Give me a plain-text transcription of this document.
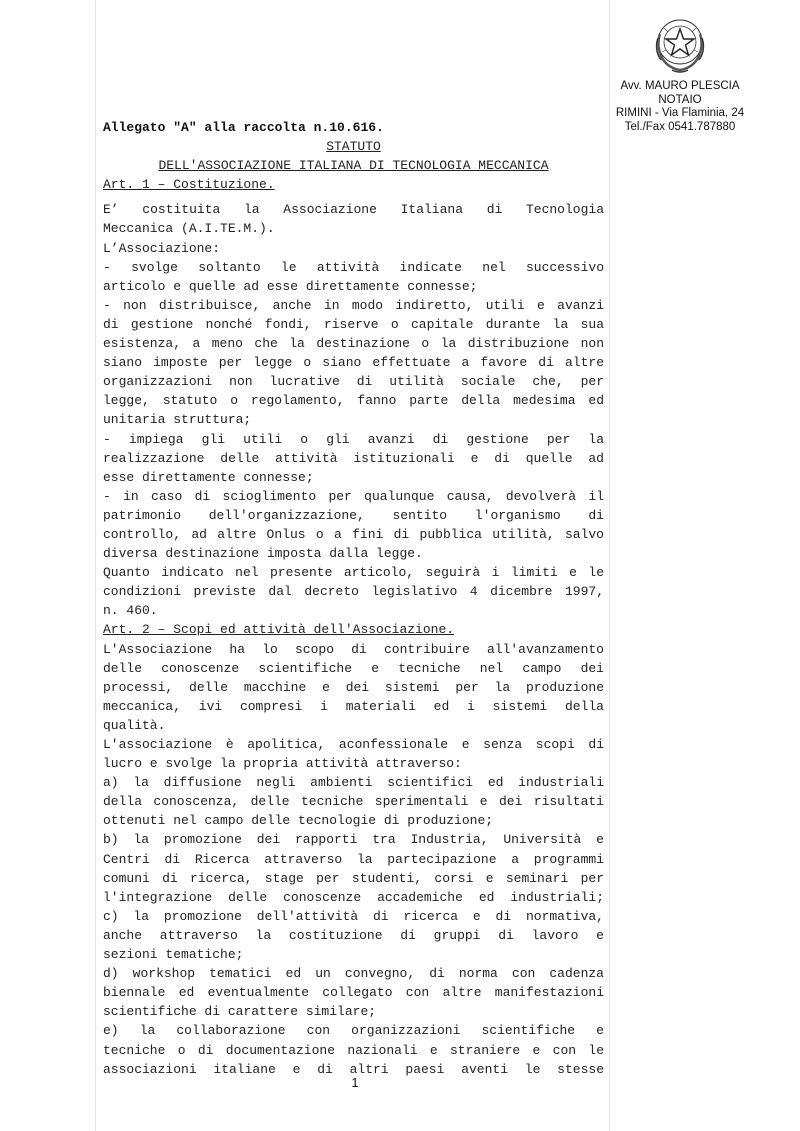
Avv. MAURO PLESCIA
NOTAIO
RIMINI - Via Flaminia, 24
Tel./Fax 0541.787880
Allegato "A" alla raccolta n.10.616.
STATUTO
DELL'ASSOCIAZIONE ITALIANA DI TECNOLOGIA MECCANICA
Art. 1 – Costituzione.
E’ costituita la Associazione Italiana di Tecnologia
Meccanica (A.I.TE.M.).
L’Associazione:
- svolge soltanto le attività indicate nel successivo
articolo e quelle ad esse direttamente connesse;
- non distribuisce, anche in modo indiretto, utili e avanzi
di gestione nonché fondi, riserve o capitale durante la sua
esistenza, a meno che la destinazione o la distribuzione non
siano imposte per legge o siano effettuate a favore di altre
organizzazioni non lucrative di utilità sociale che, per
legge, statuto o regolamento, fanno parte della medesima ed
unitaria struttura;
- impiega gli utili o gli avanzi di gestione per la
realizzazione delle attività istituzionali e di quelle ad
esse direttamente connesse;
- in caso di scioglimento per qualunque causa, devolverà il
patrimonio dell'organizzazione, sentito l'organismo di
controllo, ad altre Onlus o a fini di pubblica utilità, salvo
diversa destinazione imposta dalla legge.
Quanto indicato nel presente articolo, seguirà i limiti e le
condizioni previste dal decreto legislativo 4 dicembre 1997,
n. 460.
Art. 2 – Scopi ed attività dell'Associazione.
L'Associazione ha lo scopo di contribuire all'avanzamento
delle conoscenze scientifiche e tecniche nel campo dei
processi, delle macchine e dei sistemi per la produzione
meccanica, ivi compresi i materiali ed i sistemi della
qualità.
L'associazione è apolitica, aconfessionale e senza scopi di
lucro e svolge la propria attività attraverso:
a) la diffusione negli ambienti scientifici ed industriali
della conoscenza, delle tecniche sperimentali e dei risultati
ottenuti nel campo delle tecnologie di produzione;
b) la promozione dei rapporti tra Industria, Università e
Centri di Ricerca attraverso la partecipazione a programmi
comuni di ricerca, stage per studenti, corsi e seminari per
l'integrazione delle conoscenze accademiche ed industriali;
c) la promozione dell'attività di ricerca e di normativa,
anche attraverso la costituzione di gruppi di lavoro e
sezioni tematiche;
d) workshop tematici ed un convegno, di norma con cadenza
biennale ed eventualmente collegato con altre manifestazioni
scientifiche di carattere similare;
e) la collaborazione con organizzazioni scientifiche e
tecniche o di documentazione nazionali e straniere e con le
associazioni italiane e di altri paesi aventi le stesse
1
